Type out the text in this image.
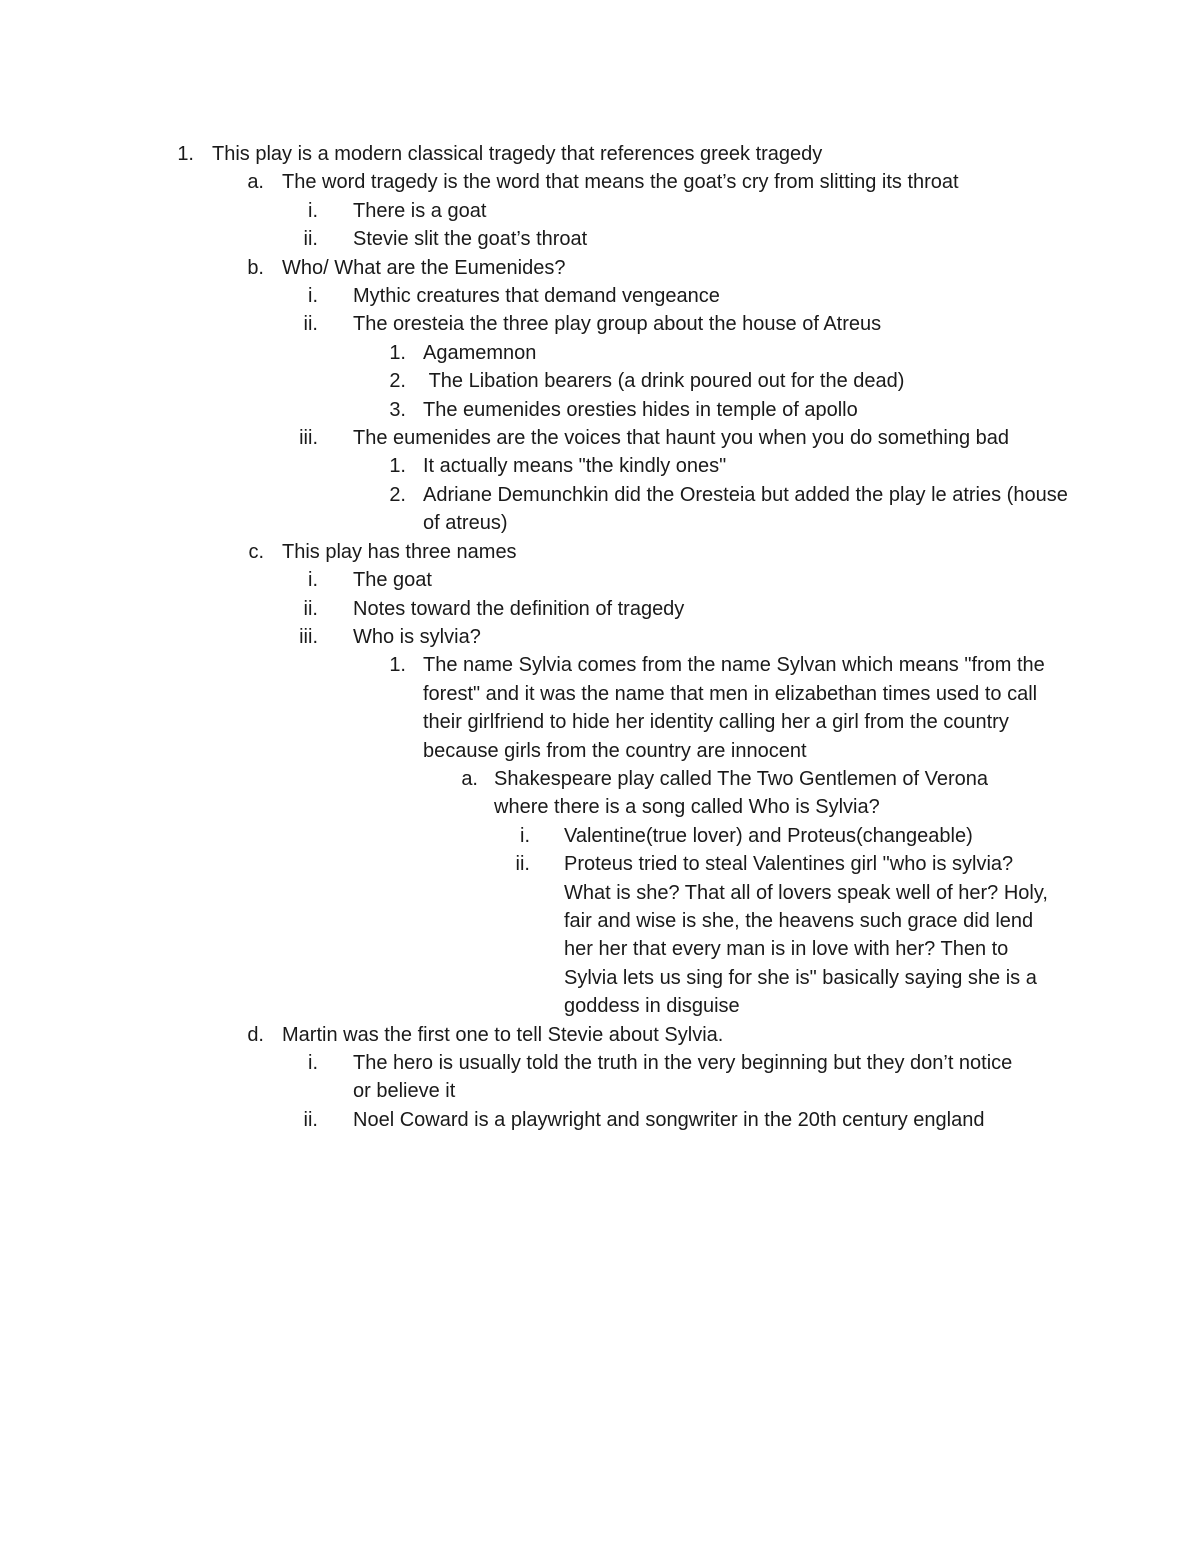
1. This play is a modern classical tragedy that references greek tragedy
a. The word tragedy is the word that means the goat’s cry from slitting its throat
i. There is a goat
ii. Stevie slit the goat’s throat
b. Who/ What are the Eumenides?
i. Mythic creatures that demand vengeance
ii. The oresteia the three play group about the house of Atreus
1. Agamemnon
2. The Libation bearers (a drink poured out for the dead)
3. The eumenides oresties hides in temple of apollo
iii. The eumenides are the voices that haunt you when you do something bad
1. It actually means "the kindly ones"
2. Adriane Demunchkin did the Oresteia but added the play le atries (house of atreus)
c. This play has three names
i. The goat
ii. Notes toward the definition of tragedy
iii. Who is sylvia?
1. The name Sylvia comes from the name Sylvan which means "from the forest" and it was the name that men in elizabethan times used to call their girlfriend to hide her identity calling her a girl from the country because girls from the country are innocent
a. Shakespeare play called The Two Gentlemen of Verona where there is a song called Who is Sylvia?
i. Valentine(true lover) and Proteus(changeable)
ii. Proteus tried to steal Valentines girl "who is sylvia? What is she? That all of lovers speak well of her? Holy, fair and wise is she, the heavens such grace did lend her her that every man is in love with her? Then to Sylvia lets us sing for she is" basically saying she is a goddess in disguise
d. Martin was the first one to tell Stevie about Sylvia.
i. The hero is usually told the truth in the very beginning but they don’t notice or believe it
ii. Noel Coward is a playwright and songwriter in the 20th century england
